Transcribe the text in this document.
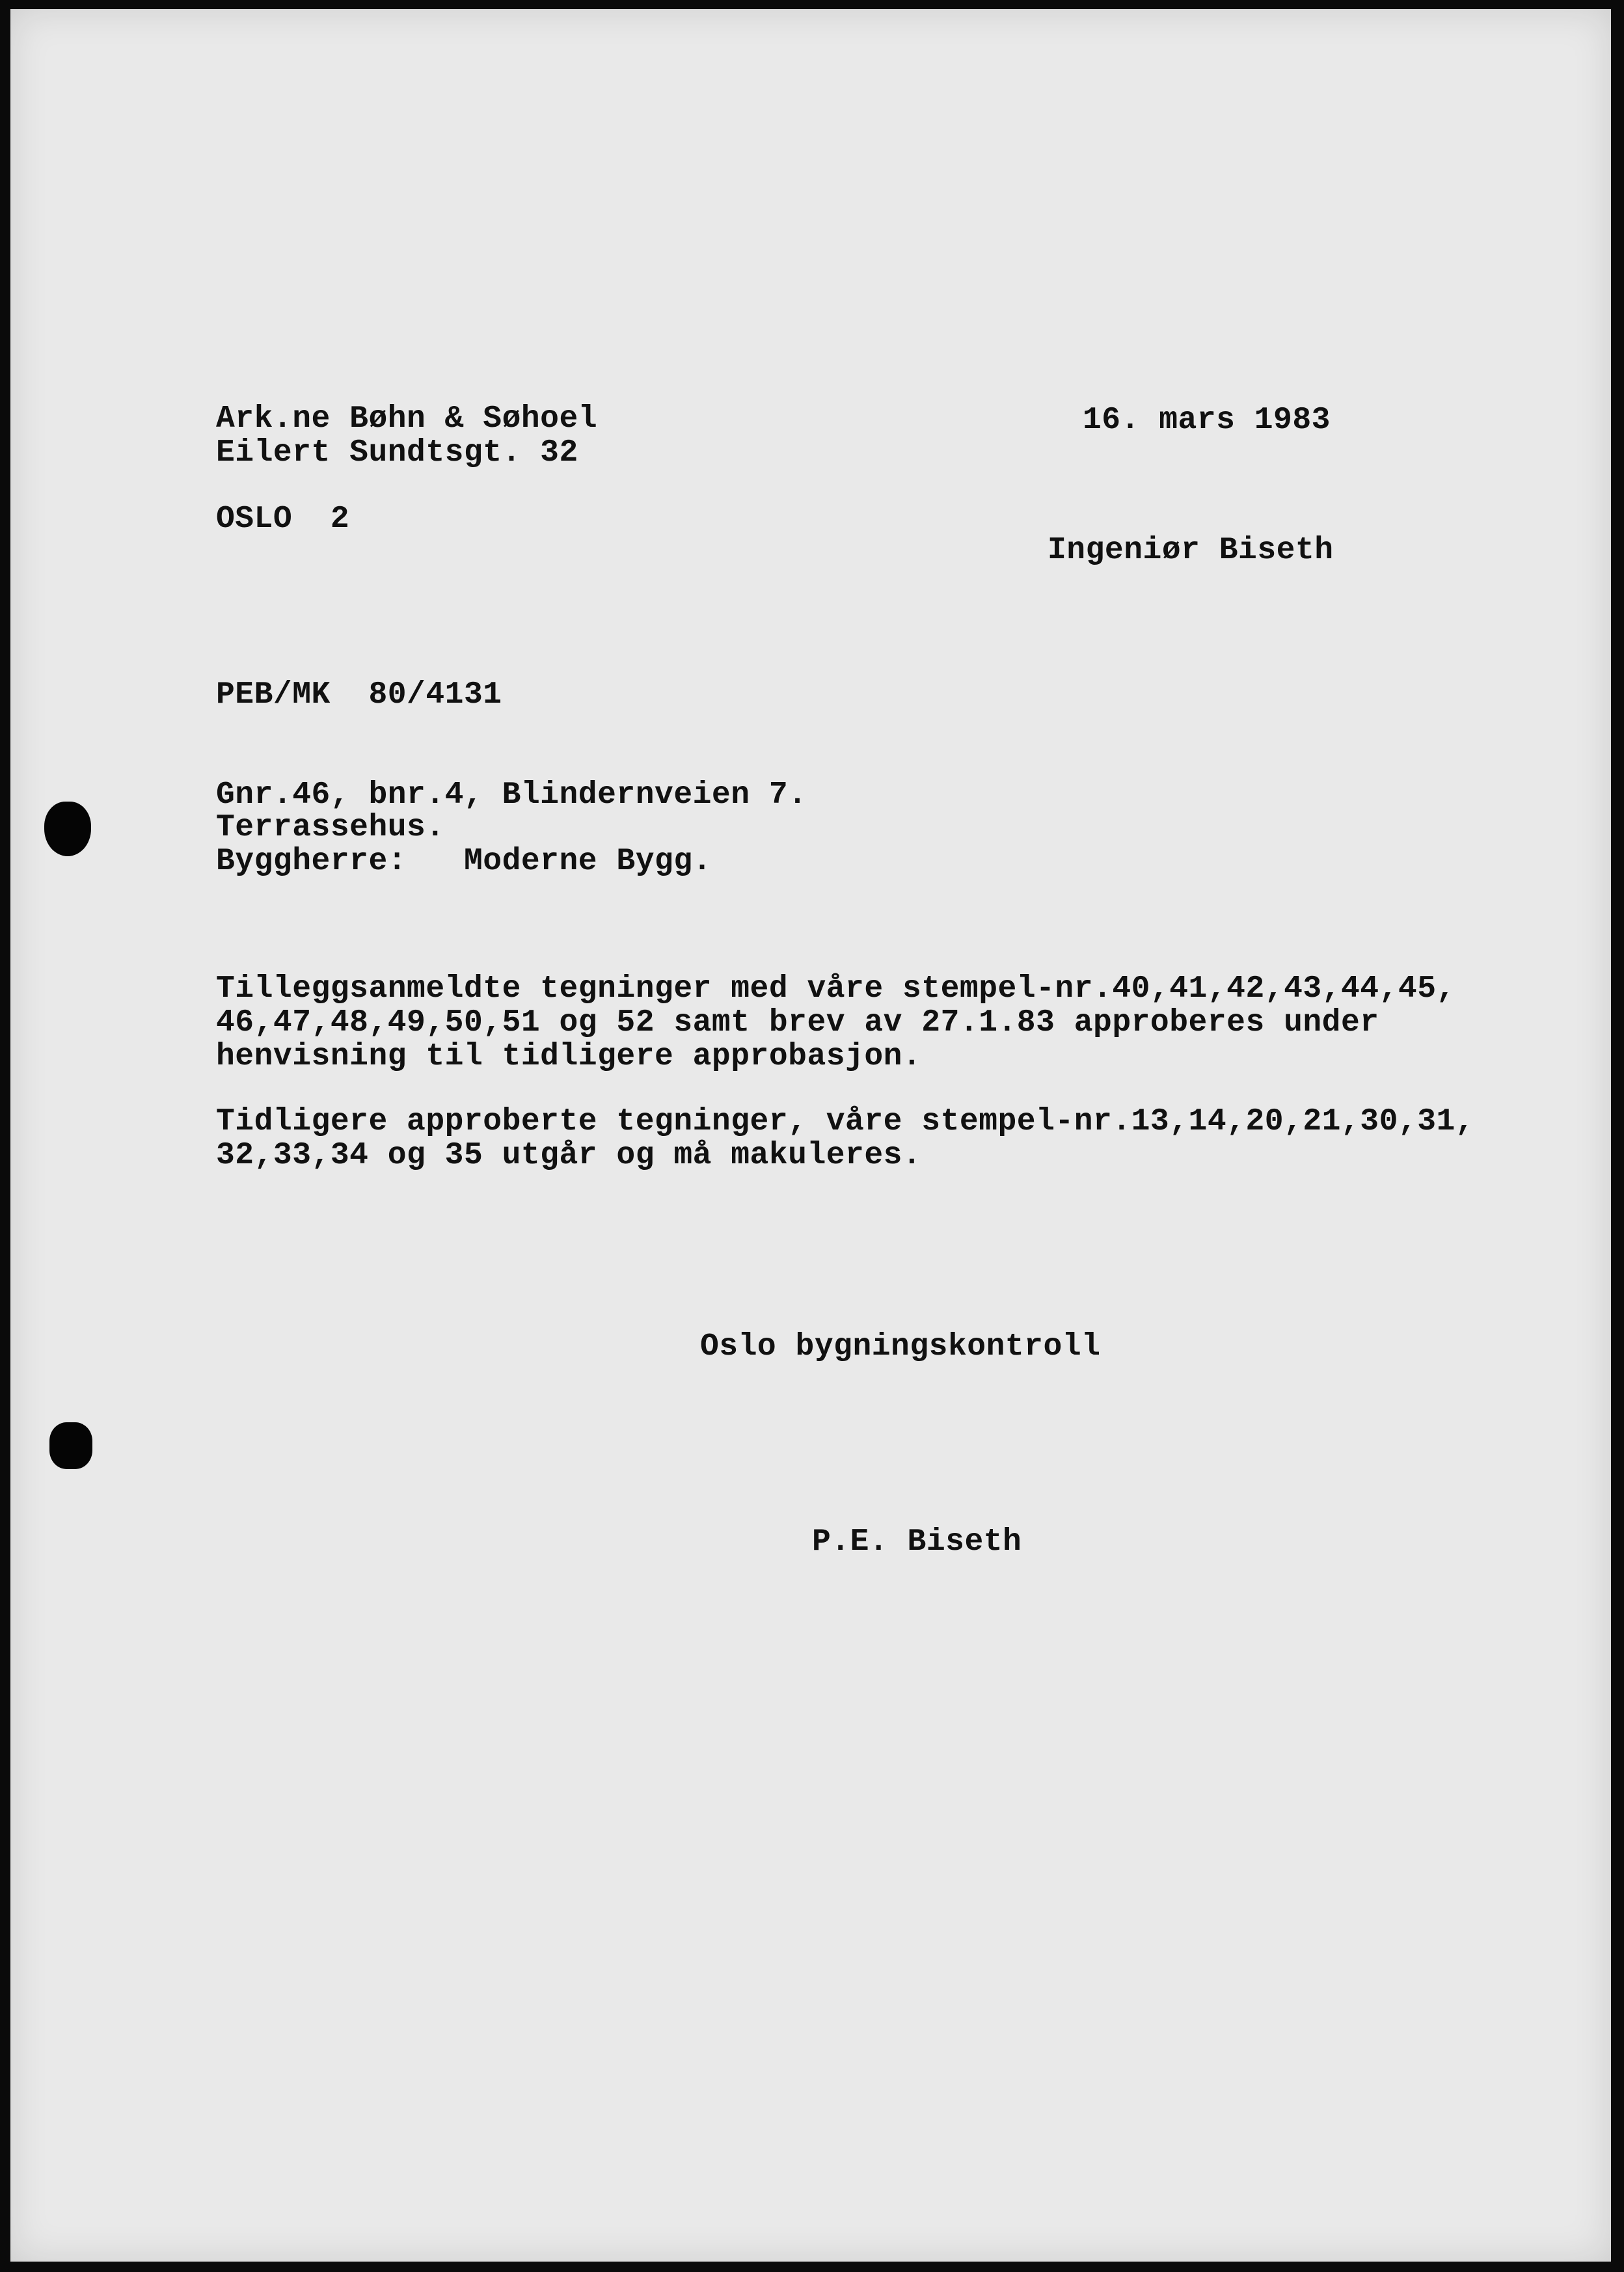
Ark.ne Bøhn & Søhoel
Eilert Sundtsgt. 32
OSLO  2
16. mars 1983
Ingeniør Biseth
PEB/MK  80/4131
Gnr.46, bnr.4, Blindernveien 7.
Terrassehus.
Byggherre:   Moderne Bygg.
Tilleggsanmeldte tegninger med våre stempel-nr.40,41,42,43,44,45,
46,47,48,49,50,51 og 52 samt brev av 27.1.83 approberes under
henvisning til tidligere approbasjon.
Tidligere approberte tegninger, våre stempel-nr.13,14,20,21,30,31,
32,33,34 og 35 utgår og må makuleres.
Oslo bygningskontroll
P.E. Biseth
